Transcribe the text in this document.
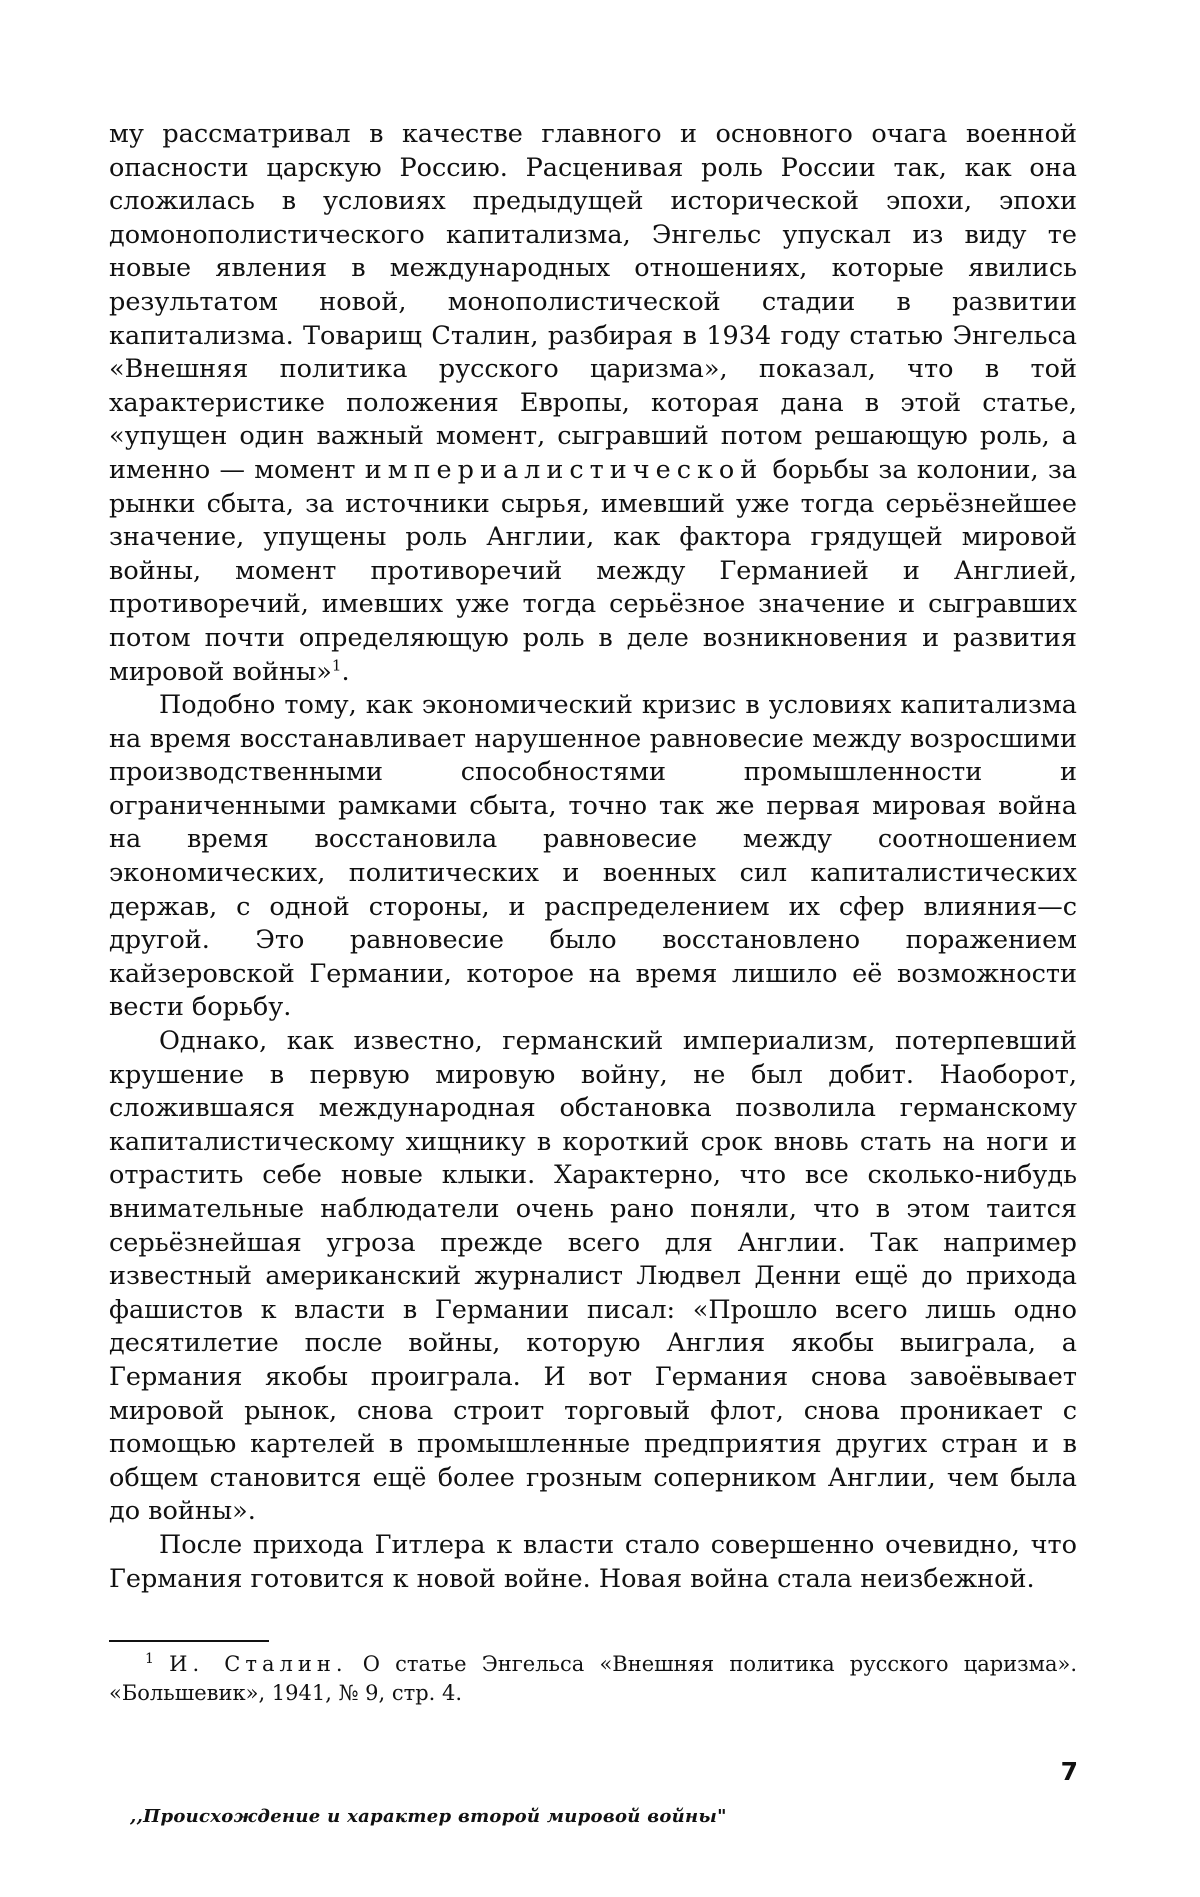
му рассматривал в качестве главного и основного очага военной опасности царскую Россию. Расценивая роль России так, как она сложилась в условиях предыдущей исторической эпохи, эпохи домонополистического капитализма, Энгельс упускал из виду те новые явления в международных отношениях, которые явились результатом новой, монополистической стадии в развитии капитализма. Товарищ Сталин, разбирая в 1934 году статью Энгельса «Внешняя политика русского царизма», показал, что в той характеристике положения Европы, которая дана в этой статье, «упущен один важный момент, сыгравший потом решающую роль, а именно — момент империалистической борьбы за колонии, за рынки сбыта, за источники сырья, имевший уже тогда серьёзнейшее значение, упущены роль Англии, как фактора грядущей мировой войны, момент противоречий между Германией и Англией, противоречий, имевших уже тогда серьёзное значение и сыгравших потом почти определяющую роль в деле возникновения и развития мировой войны»1.

Подобно тому, как экономический кризис в условиях капитализма на время восстанавливает нарушенное равновесие между возросшими производственными способностями промышленности и ограниченными рамками сбыта, точно так же первая мировая война на время восстановила равновесие между соотношением экономических, политических и военных сил капиталистических держав, с одной стороны, и распределением их сфер влияния—с другой. Это равновесие было восстановлено поражением кайзеровской Германии, которое на время лишило её возможности вести борьбу.

Однако, как известно, германский империализм, потерпевший крушение в первую мировую войну, не был добит. Наоборот, сложившаяся международная обстановка позволила германскому капиталистическому хищнику в короткий срок вновь стать на ноги и отрастить себе новые клыки. Характерно, что все сколько-нибудь внимательные наблюдатели очень рано поняли, что в этом таится серьёзнейшая угроза прежде всего для Англии. Так например известный американский журналист Людвел Денни ещё до прихода фашистов к власти в Германии писал: «Прошло всего лишь одно десятилетие после войны, которую Англия якобы выиграла, а Германия якобы проиграла. И вот Германия снова завоёвывает мировой рынок, снова строит торговый флот, снова проникает с помощью картелей в промышленные предприятия других стран и в общем становится ещё более грозным соперником Англии, чем была до войны».

После прихода Гитлера к власти стало совершенно очевидно, что Германия готовится к новой войне. Новая война стала неизбежной.

1 И. Сталин. О статье Энгельса «Внешняя политика русского царизма». «Большевик», 1941, № 9, стр. 4.

7
,,Происхождение и характер второй мировой войны"
